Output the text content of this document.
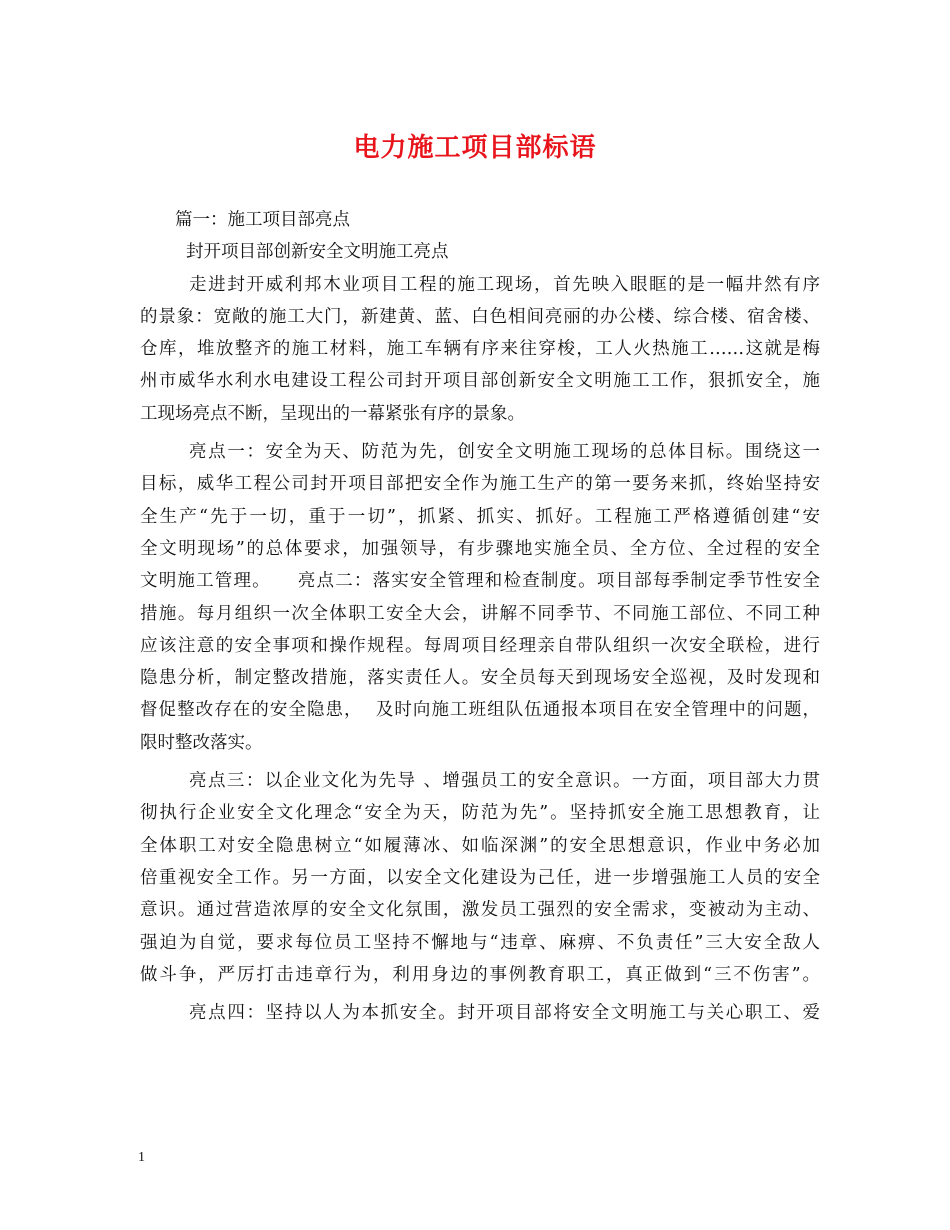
电力施工项目部标语
篇一：施工项目部亮点
封开项目部创新安全文明施工亮点
走进封开威利邦木业项目工程的施工现场，首先映入眼眶的是一幅井然有序
的景象：宽敞的施工大门，新建黄、蓝、白色相间亮丽的办公楼、综合楼、宿舍楼、
仓库，堆放整齐的施工材料，施工车辆有序来往穿梭，工人火热施工……这就是梅
州市威华水利水电建设工程公司封开项目部创新安全文明施工工作，狠抓安全，施
工现场亮点不断，呈现出的一幕紧张有序的景象。
亮点一：安全为天、防范为先，创安全文明施工现场的总体目标。围绕这一
目标，威华工程公司封开项目部把安全作为施工生产的第一要务来抓，终始坚持安
全生产“先于一切，重于一切”，抓紧、抓实、抓好。工程施工严格遵循创建“安
全文明现场”的总体要求，加强领导，有步骤地实施全员、全方位、全过程的安全
文明施工管理。    亮点二：落实安全管理和检查制度。项目部每季制定季节性安全
措施。每月组织一次全体职工安全大会，讲解不同季节、不同施工部位、不同工种
应该注意的安全事项和操作规程。每周项目经理亲自带队组织一次安全联检，进行
隐患分析，制定整改措施，落实责任人。安全员每天到现场安全巡视，及时发现和
督促整改存在的安全隐患，  及时向施工班组队伍通报本项目在安全管理中的问题，
限时整改落实。
亮点三：以企业文化为先导 、增强员工的安全意识。一方面，项目部大力贯
彻执行企业安全文化理念“安全为天，防范为先”。坚持抓安全施工思想教育，让
全体职工对安全隐患树立“如履薄冰、如临深渊”的安全思想意识，作业中务必加
倍重视安全工作。另一方面，以安全文化建设为己任，进一步增强施工人员的安全
意识。通过营造浓厚的安全文化氛围，激发员工强烈的安全需求，变被动为主动、
强迫为自觉，要求每位员工坚持不懈地与“违章、麻痹、不负责任”三大安全敌人
做斗争，严厉打击违章行为，利用身边的事例教育职工，真正做到“三不伤害”。
亮点四：坚持以人为本抓安全。封开项目部将安全文明施工与关心职工、爱
1
